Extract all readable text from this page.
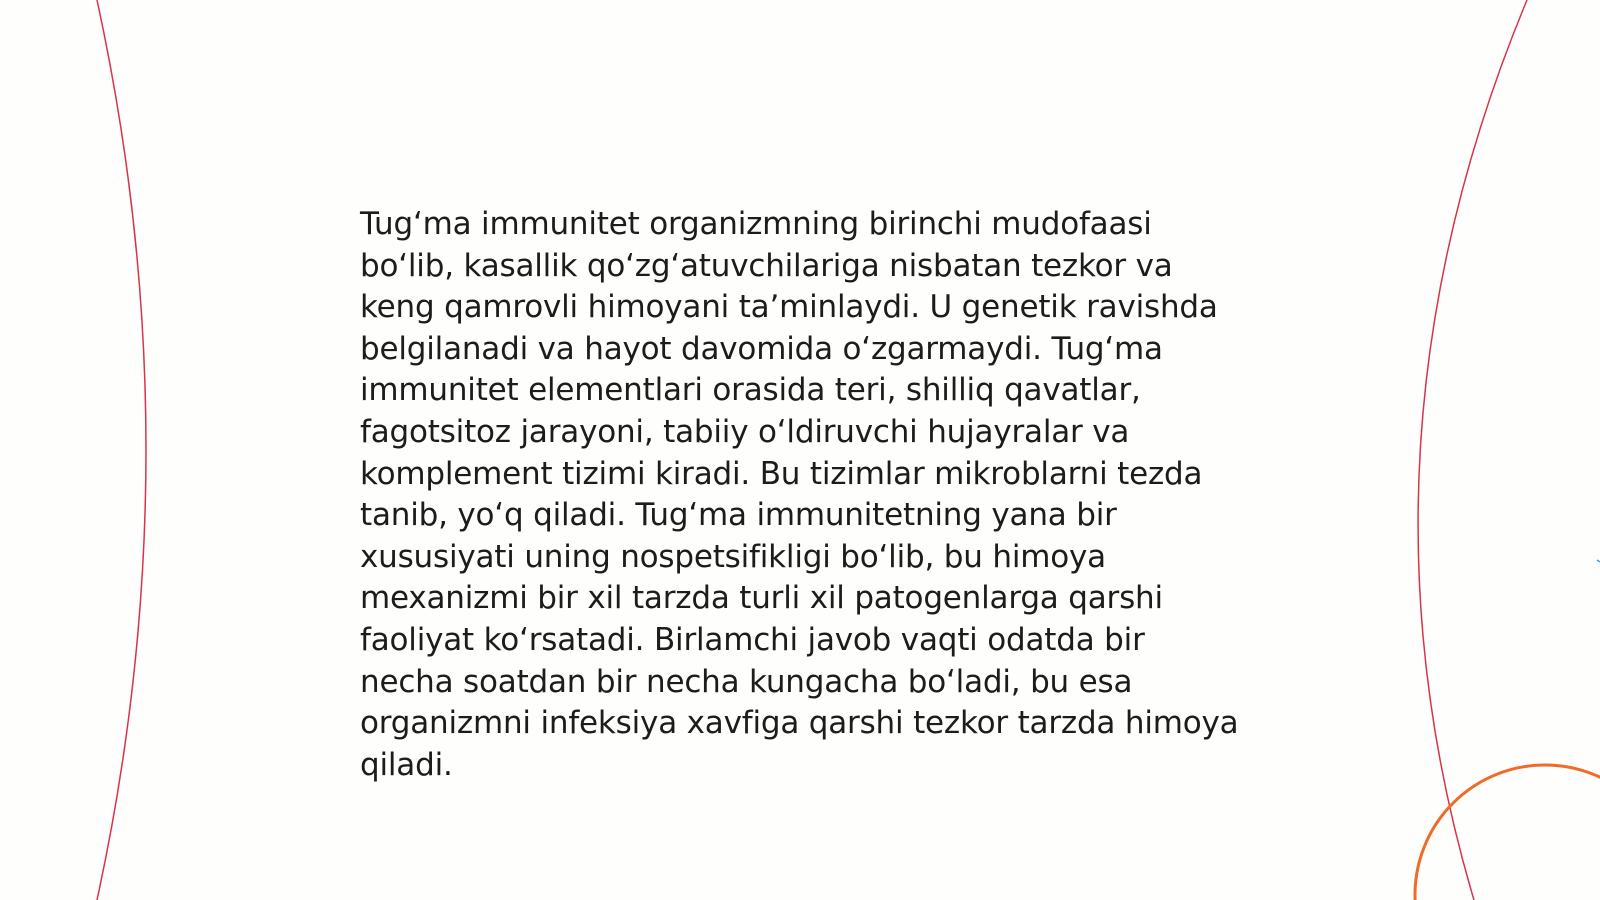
Tug‘ma immunitet organizmning birinchi mudofaasi bo‘lib, kasallik qo‘zg‘atuvchilariga nisbatan tezkor va keng qamrovli himoyani ta’minlaydi. U genetik ravishda belgilanadi va hayot davomida o‘zgarmaydi. Tug‘ma immunitet elementlari orasida teri, shilliq qavatlar, fagotsitoz jarayoni, tabiiy o‘ldiruvchi hujayralar va komplement tizimi kiradi. Bu tizimlar mikroblarni tezda tanib, yo‘q qiladi. Tug‘ma immunitetning yana bir xususiyati uning nospetsifikligi bo‘lib, bu himoya mexanizmi bir xil tarzda turli xil patogenlarga qarshi faoliyat ko‘rsatadi. Birlamchi javob vaqti odatda bir necha soatdan bir necha kungacha bo‘ladi, bu esa organizmni infeksiya xavfiga qarshi tezkor tarzda himoya qiladi.
